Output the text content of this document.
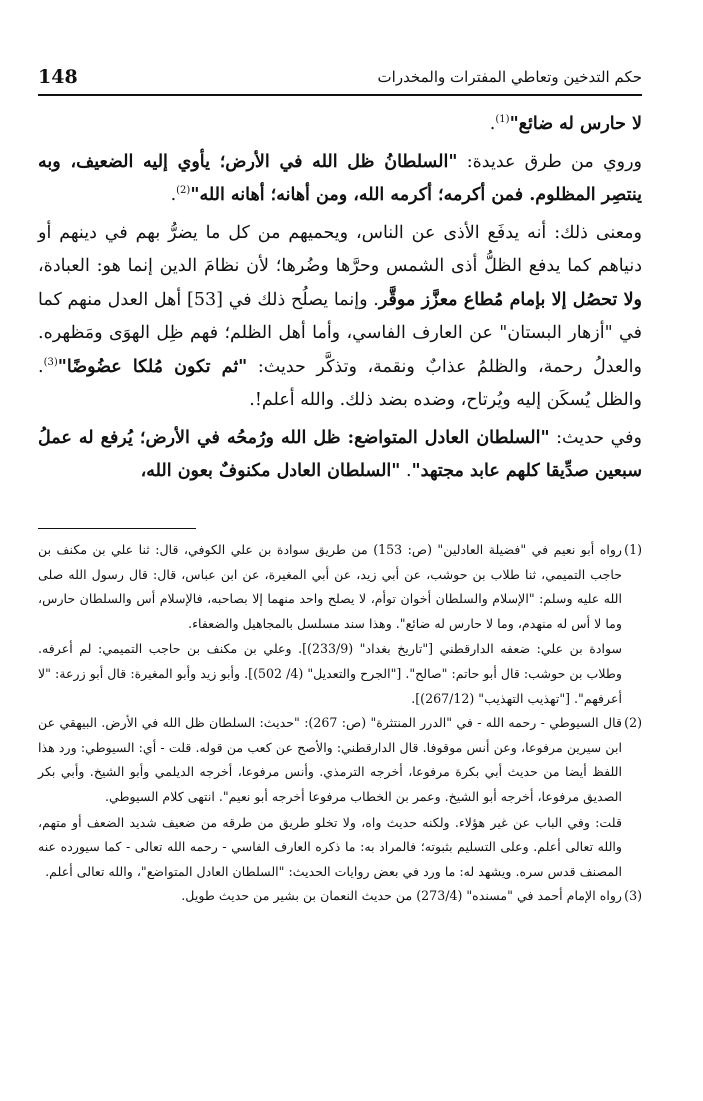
148	حكم التدخين وتعاطي المفترات والمخدرات

لا حارس له ضائع"$^{(1)}$.

وروي من طرق عديدة: "السلطانُ ظل الله في الأرض؛ يأوي إليه الضعيف، وبه ينتصِر المظلوم. فمن أكرمه؛ أكرمه الله، ومن أهانه؛ أهانه الله"$^{(2)}$.

ومعنى ذلك: أنه يدفَع الأذى عن الناس، ويحميهم من كل ما يضرُّ بهم في دينهم أو دنياهم كما يدفع الظلُّ أذى الشمس وحرَّها وضُرها؛ لأن نظامَ الدين إنما هو: العبادة، ولا تحصُل إلا بإمام مُطاع معزَّز موقَّر. وإنما يصلُح ذلك في [53] أهل العدل منهم كما في "أزهار البستان" عن العارف الفاسي، وأما أهل الظلم؛ فهم ظِل الهوَى ومَظهره. والعدلُ رحمة، والظلمُ عذابٌ ونقمة، وتذكَّر حديث: "ثم تكون مُلكا عضُوضًا"$^{(3)}$. والظل يُسكَن إليه ويُرتاح، وضده بضد ذلك. والله أعلم!.

وفي حديث: "السلطان العادل المتواضع: ظل الله ورُمحُه في الأرض؛ يُرفع له عملُ سبعين صدِّيقا كلهم عابد مجتهد". "السلطان العادل مكنوفٌ بعون الله،

(1)
رواه أبو نعيم في "فضيلة العادلين" (ص: 153) من طريق سوادة بن علي الكوفي، قال: ثنا علي بن مكنف بن حاجب التميمي، ثنا طلاب بن حوشب، عن أبي زيد، عن أبي المغيرة، عن ابن عباس، قال: قال رسول الله صلى الله عليه وسلم: "الإسلام والسلطان أخوان توأم، لا يصلح واحد منهما إلا بصاحبه، فالإسلام أس والسلطان حارس، وما لا أس له منهدم، وما لا حارس له ضائع". وهذا سند مسلسل بالمجاهيل والضعفاء.

سوادة بن علي: ضعفه الدارقطني ["تاريخ بغداد" (233/9)]. وعلي بن مكنف بن حاجب التميمي: لم أعرفه. وطلاب بن حوشب: قال أبو حاتم: "صالح". ["الجرح والتعديل" (4/ 502)]. وأبو زيد وأبو المغيرة: قال أبو زرعة: "لا أعرفهم". ["تهذيب التهذيب" (267/12)].

(2)
قال السيوطي - رحمه الله - في "الدرر المنتثرة" (ص: 267): "حديث: السلطان ظل الله في الأرض. البيهقي عن ابن سيرين مرفوعا، وعن أنس موقوفا. قال الدارقطني: والأصح عن كعب من قوله. قلت - أي: السيوطي: ورد هذا اللفظ أيضا من حديث أبي بكرة مرفوعا، أخرجه الترمذي. وأنس مرفوعا، أخرجه الديلمي وأبو الشيخ. وأبي بكر الصديق مرفوعا، أخرجه أبو الشيخ. وعمر بن الخطاب مرفوعا أخرجه أبو نعيم". انتهى كلام السيوطي.

قلت: وفي الباب عن غير هؤلاء. ولكنه حديث واه، ولا تخلو طريق من طرقه من ضعيف شديد الضعف أو متهم، والله تعالى أعلم. وعلى التسليم بثبوته؛ فالمراد به: ما ذكره العارف الفاسي - رحمه الله تعالى - كما سيورده عنه المصنف قدس سره. ويشهد له: ما ورد في بعض روايات الحديث: "السلطان العادل المتواضع"، والله تعالى أعلم.

(3)
رواه الإمام أحمد في "مسنده" (273/4) من حديث النعمان بن بشير من حديث طويل.
